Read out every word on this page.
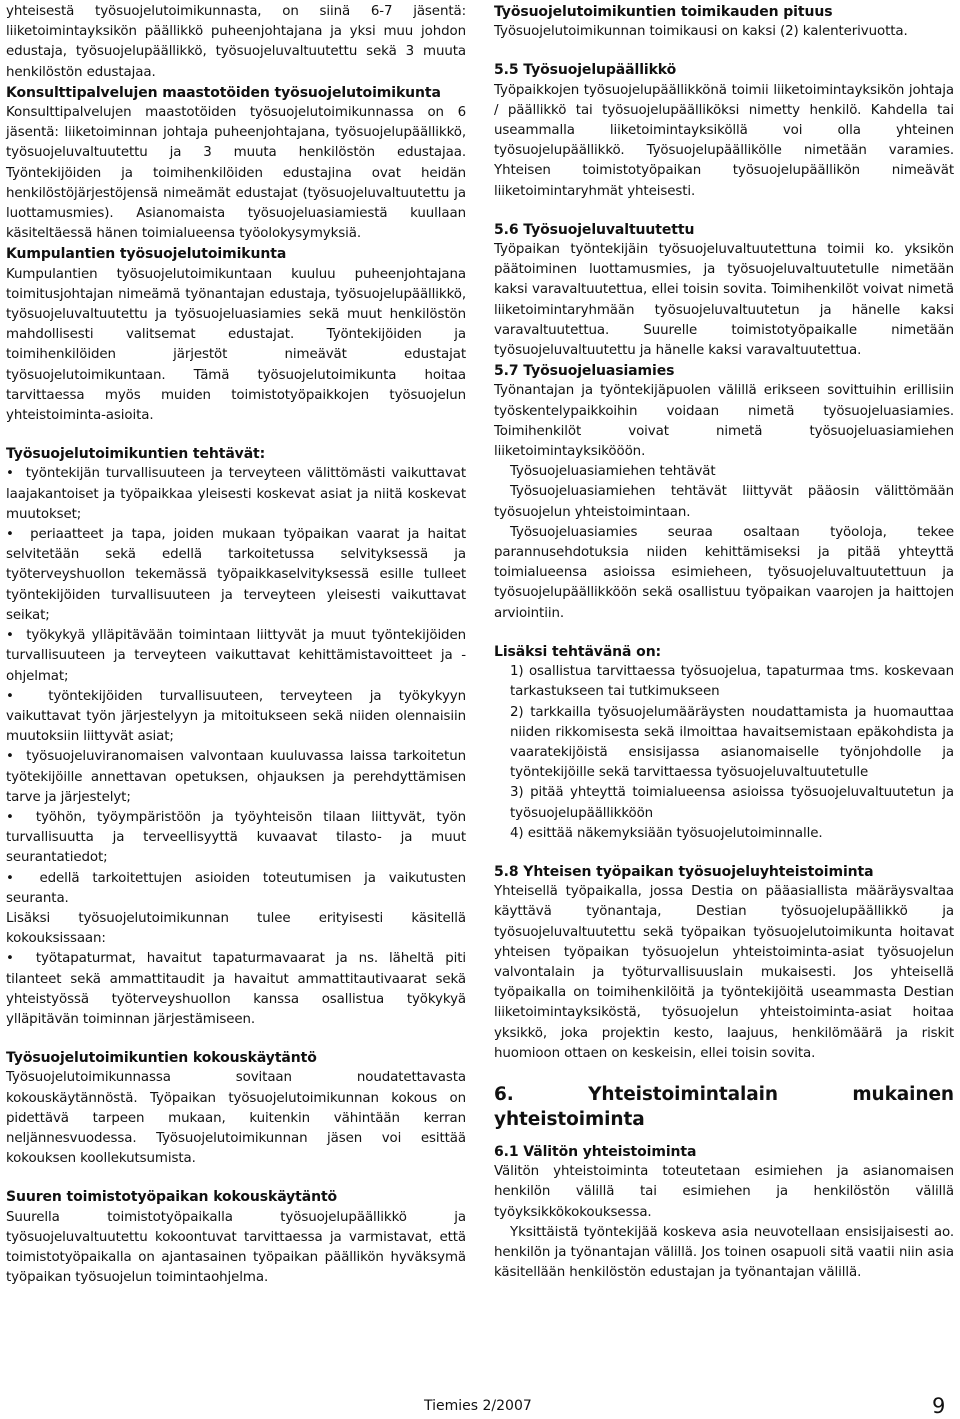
yhteisestä työsuojelutoimikunnasta, on siinä 6-7 jäsentä: liiketoimintayksikön päällikkö puheenjohtajana ja yksi muu johdon edustaja, työsuojelupäällikkö, työsuojeluvaltuutettu sekä 3 muuta henkilöstön edustajaa.

Konsulttipalvelujen maastotöiden työsuojelutoimikunta

Konsulttipalvelujen maastotöiden työsuojelutoimikunnassa on 6 jäsentä: liiketoiminnan johtaja puheenjohtajana, työsuojelupäällikkö, työsuojeluvaltuutettu ja 3 muuta henkilöstön edustajaa. Työntekijöiden ja toimihenkilöiden edustajina ovat heidän henkilöstöjärjestöjensä nimeämät edustajat (työsuojeluvaltuutettu ja luottamusmies). Asianomaista työsuojeluasiamiestä kuullaan käsiteltäessä hänen toimialueensa työolokysymyksiä.

Kumpulantien työsuojelutoimikunta

Kumpulantien työsuojelutoimikuntaan kuuluu puheenjohtajana toimitusjohtajan nimeämä työnantajan edustaja, työsuojelupäällikkö, työsuojeluvaltuutettu ja työsuojeluasiamies sekä muut henkilöstön mahdollisesti valitsemat edustajat. Työntekijöiden ja toimihenkilöiden järjestöt nimeävät edustajat työsuojelutoimikuntaan. Tämä työsuojelutoimikunta hoitaa tarvittaessa myös muiden toimistotyöpaikkojen työsuojelun yhteistoiminta-asioita.

Työsuojelutoimikuntien tehtävät:

•  työntekijän turvallisuuteen ja terveyteen välittömästi vaikuttavat laajakantoiset ja työpaikkaa yleisesti koskevat asiat ja niitä koskevat muutokset;
•  periaatteet ja tapa, joiden mukaan työpaikan vaarat ja haitat selvitetään sekä edellä tarkoitetussa selvityksessä ja työterveyshuollon tekemässä työpaikkaselvityksessä esille tulleet työntekijöiden turvallisuuteen ja terveyteen yleisesti vaikuttavat seikat;
•  työkykyä ylläpitävään toimintaan liittyvät ja muut työntekijöiden turvallisuuteen ja terveyteen vaikuttavat kehittämistavoitteet ja -ohjelmat;
•  työntekijöiden turvallisuuteen, terveyteen ja työkykyyn vaikuttavat työn järjestelyyn ja mitoitukseen sekä niiden olennaisiin muutoksiin liittyvät asiat;
•  työsuojeluviranomaisen valvontaan kuuluvassa laissa tarkoitetun työtekijöille annettavan opetuksen, ohjauksen ja perehdyttämisen tarve ja järjestelyt;
•  työhön, työympäristöön ja työyhteisön tilaan liittyvät, työn turvallisuutta ja terveellisyyttä kuvaavat tilasto- ja muut seurantatiedot;
•  edellä tarkoitettujen asioiden toteutumisen ja vaikutusten seuranta.

Lisäksi työsuojelutoimikunnan tulee erityisesti käsitellä kokouksissaan:

•  työtapaturmat, havaitut tapaturmavaarat ja ns. läheltä piti tilanteet sekä ammattitaudit ja havaitut ammattitautivaarat sekä yhteistyössä työterveyshuollon kanssa osallistua työkykyä ylläpitävän toiminnan järjestämiseen.

Työsuojelutoimikuntien kokouskäytäntö

Työsuojelutoimikunnassa sovitaan noudatettavasta kokouskäytännöstä. Työpaikan työsuojelutoimikunnan kokous on pidettävä tarpeen mukaan, kuitenkin vähintään kerran neljännesvuodessa. Työsuojelutoimikunnan jäsen voi esittää kokouksen koollekutsumista.

Suuren toimistotyöpaikan kokouskäytäntö

Suurella toimistotyöpaikalla työsuojelupäällikkö ja työsuojeluvaltuutettu kokoontuvat tarvittaessa ja varmistavat, että toimistotyöpaikalla on ajantasainen työpaikan päällikön hyväksymä työpaikan työsuojelun toimintaohjelma.

Työsuojelutoimikuntien toimikauden pituus

Työsuojelutoimikunnan toimikausi on kaksi (2) kalenterivuotta.

5.5 Työsuojelupäällikkö

Työpaikkojen työsuojelupäällikkönä toimii liiketoimintayksikön johtaja / päällikkö tai työsuojelupäälliköksi nimetty henkilö. Kahdella tai useammalla liiketoimintayksiköllä voi olla yhteinen työsuojelupäällikkö. Työsuojelupäällikölle nimetään varamies. Yhteisen toimistotyöpaikan työsuojelupäällikön nimeävät liiketoimintaryhmät yhteisesti.

5.6 Työsuojeluvaltuutettu

Työpaikan työntekijäin työsuojeluvaltuutettuna toimii ko. yksikön päätoiminen luottamusmies, ja työsuojeluvaltuutetulle nimetään kaksi varavaltuutettua, ellei toisin sovita. Toimihenkilöt voivat nimetä liiketoimintaryhmään työsuojeluvaltuutetun ja hänelle kaksi varavaltuutettua. Suurelle toimistotyöpaikalle nimetään työsuojeluvaltuutettu ja hänelle kaksi varavaltuutettua.

5.7 Työsuojeluasiamies

Työnantajan ja työntekijäpuolen välillä erikseen sovittuihin erillisiin työskentelypaikkoihin voidaan nimetä työsuojeluasiamies. Toimihenkilöt voivat nimetä työsuojeluasiamiehen liiketoimintayksikööön.

Työsuojeluasiamiehen tehtävät

Työsuojeluasiamiehen tehtävät liittyvät pääosin välittömään työsuojelun yhteistoimintaan.

Työsuojeluasiamies seuraa osaltaan työoloja, tekee parannusehdotuksia niiden kehittämiseksi ja pitää yhteyttä toimialueensa asioissa esimieheen, työsuojeluvaltuutettuun ja työsuojelupäällikköön sekä osallistuu työpaikan vaarojen ja haittojen arviointiin.

Lisäksi tehtävänä on:

1) osallistua tarvittaessa työsuojelua, tapaturmaa tms. koskevaan tarkastukseen tai tutkimukseen
2) tarkkailla työsuojelumääräysten noudattamista ja huomauttaa niiden rikkomisesta sekä ilmoittaa havaitsemistaan epäkohdista ja vaaratekijöistä ensisijassa asianomaiselle työnjohdolle ja työntekijöille sekä tarvittaessa työsuojeluvaltuutetulle
3) pitää yhteyttä toimialueensa asioissa työsuojeluvaltuutetun ja työsuojelupäällikköön
4) esittää näkemyksiään työsuojelutoiminnalle.

5.8 Yhteisen työpaikan työsuojeluyhteistoiminta

Yhteisellä työpaikalla, jossa Destia on pääasiallista määräysvaltaa käyttävä työnantaja, Destian työsuojelupäällikkö ja työsuojeluvaltuutettu sekä työpaikan työsuojelutoimikunta hoitavat yhteisen työpaikan työsuojelun yhteistoiminta-asiat työsuojelun valvontalain ja työturvallisuuslain mukaisesti. Jos yhteisellä työpaikalla on toimihenkilöitä ja työntekijöitä useammasta Destian liiketoimintayksiköstä, työsuojelun yhteistoiminta-asiat hoitaa yksikkö, joka projektin kesto, laajuus, henkilömäärä ja riskit huomioon ottaen on keskeisin, ellei toisin sovita.

6. Yhteistoimintalain mukainen yhteistoiminta

6.1 Välitön yhteistoiminta

Välitön yhteistoiminta toteutetaan esimiehen ja asianomaisen henkilön välillä tai esimiehen ja henkilöstön välillä työyksikkökokouksessa.

Yksittäistä työntekijää koskeva asia neuvotellaan ensisijaisesti ao. henkilön ja työnantajan välillä. Jos toinen osapuoli sitä vaatii niin asia käsitellään henkilöstön edustajan ja työnantajan välillä.

Tiemies 2/2007	9
